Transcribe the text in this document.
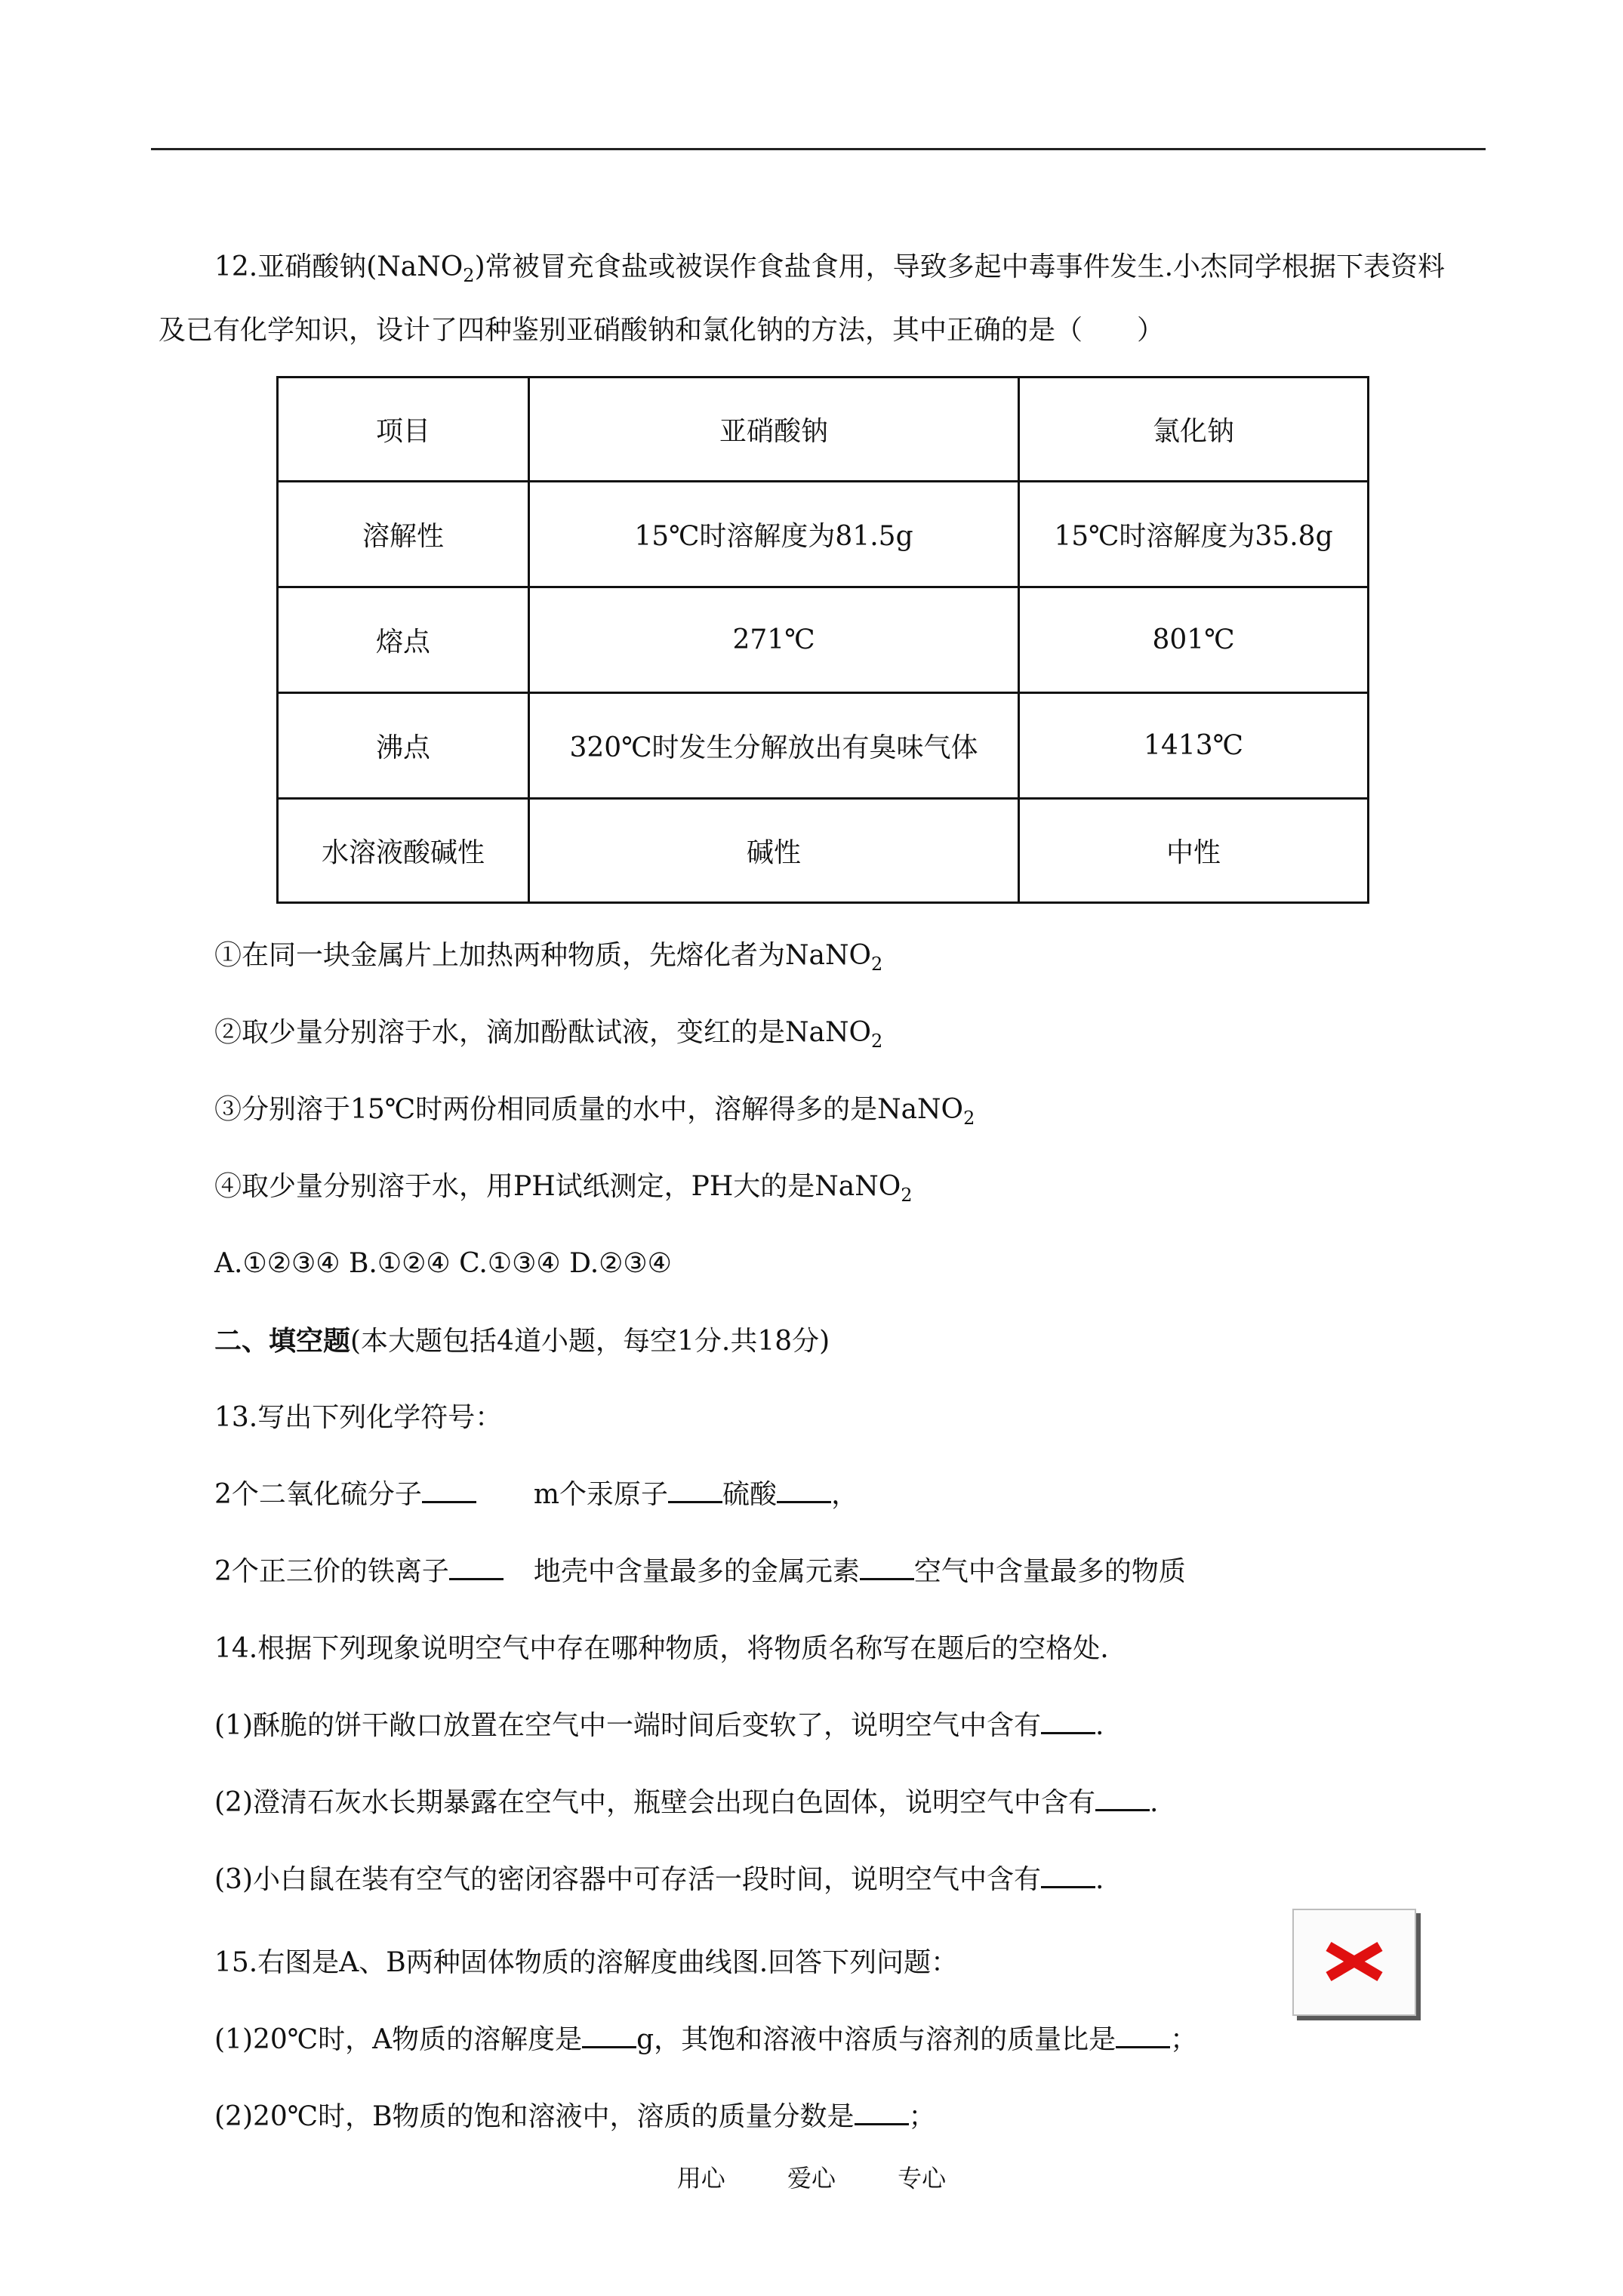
12.亚硝酸钠(NaNO$_2$)常被冒充食盐或被误作食盐食用，导致多起中毒事件发生.小杰同学根据下表资料
及已有化学知识，设计了四种鉴别亚硝酸钠和氯化钠的方法，其中正确的是（　　）
项目	亚硝酸钠	氯化钠
溶解性	15℃时溶解度为81.5g	15℃时溶解度为35.8g
熔点	271℃	801℃
沸点	320℃时发生分解放出有臭味气体	1413℃
水溶液酸碱性	碱性	中性
①在同一块金属片上加热两种物质，先熔化者为NaNO$_2$
②取少量分别溶于水，滴加酚酞试液，变红的是NaNO$_2$
③分别溶于15℃时两份相同质量的水中，溶解得多的是NaNO$_2$
④取少量分别溶于水，用PH试纸测定，PH大的是NaNO$_2$
A.①②③④ B.①②④ C.①③④ D.②③④
二、填空题(本大题包括4道小题，每空1分.共18分)
13.写出下列化学符号：
2个二氧化硫分子	m个汞原子 硫酸 ，
2个正三价的铁离子	地壳中含量最多的金属元素 空气中含量最多的物质
14.根据下列现象说明空气中存在哪种物质，将物质名称写在题后的空格处.
(1)酥脆的饼干敞口放置在空气中一端时间后变软了，说明空气中含有 .
(2)澄清石灰水长期暴露在空气中，瓶壁会出现白色固体，说明空气中含有 .
(3)小白鼠在装有空气的密闭容器中可存活一段时间，说明空气中含有 .
15.右图是A、B两种固体物质的溶解度曲线图.回答下列问题：
(1)20℃时，A物质的溶解度是 g，其饱和溶液中溶质与溶剂的质量比是 ；
(2)20℃时，B物质的饱和溶液中，溶质的质量分数是 ；
用心	爱心	专心
